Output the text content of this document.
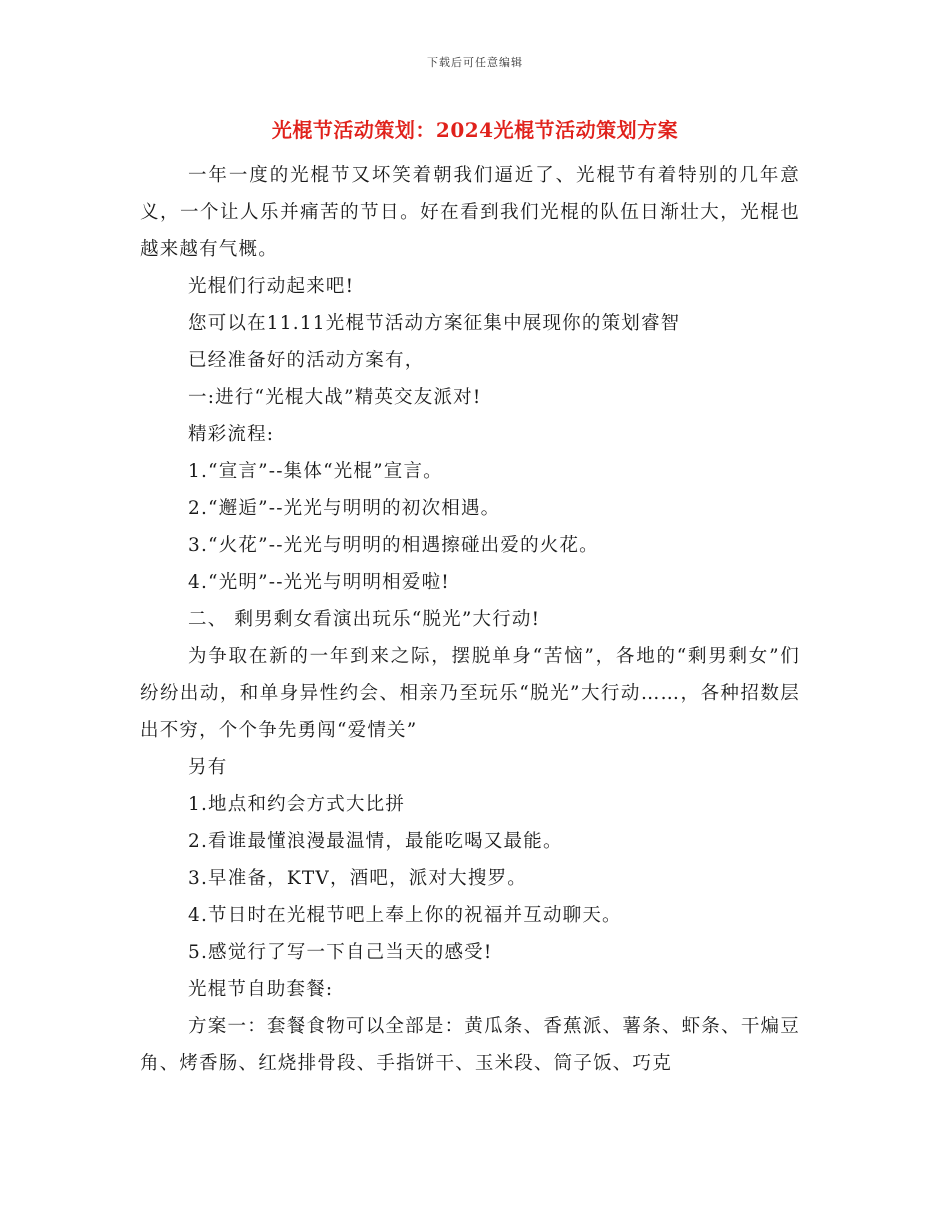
下载后可任意编辑
光棍节活动策划：2024光棍节活动策划方案

一年一度的光棍节又坏笑着朝我们逼近了、光棍节有着特别的几年意义，一个让人乐并痛苦的节日。好在看到我们光棍的队伍日渐壮大，光棍也越来越有气概。

光棍们行动起来吧!

您可以在11.11光棍节活动方案征集中展现你的策划睿智

已经准备好的活动方案有，

一:进行“光棍大战”精英交友派对!

精彩流程:

1.“宣言”--集体“光棍”宣言。

2.“邂逅”--光光与明明的初次相遇。

3.“火花”--光光与明明的相遇擦碰出爱的火花。

4.“光明”--光光与明明相爱啦!

二、 剩男剩女看演出玩乐“脱光”大行动!

为争取在新的一年到来之际，摆脱单身“苦恼”，各地的“剩男剩女”们纷纷出动，和单身异性约会、相亲乃至玩乐“脱光”大行动……，各种招数层出不穷，个个争先勇闯“爱情关”

另有

1.地点和约会方式大比拼

2.看谁最懂浪漫最温情，最能吃喝又最能。

3.早准备，KTV，酒吧，派对大搜罗。

4.节日时在光棍节吧上奉上你的祝福并互动聊天。

5.感觉行了写一下自己当天的感受!

光棍节自助套餐:

方案一：套餐食物可以全部是：黄瓜条、香蕉派、薯条、虾条、干煸豆角、烤香肠、红烧排骨段、手指饼干、玉米段、筒子饭、巧克
